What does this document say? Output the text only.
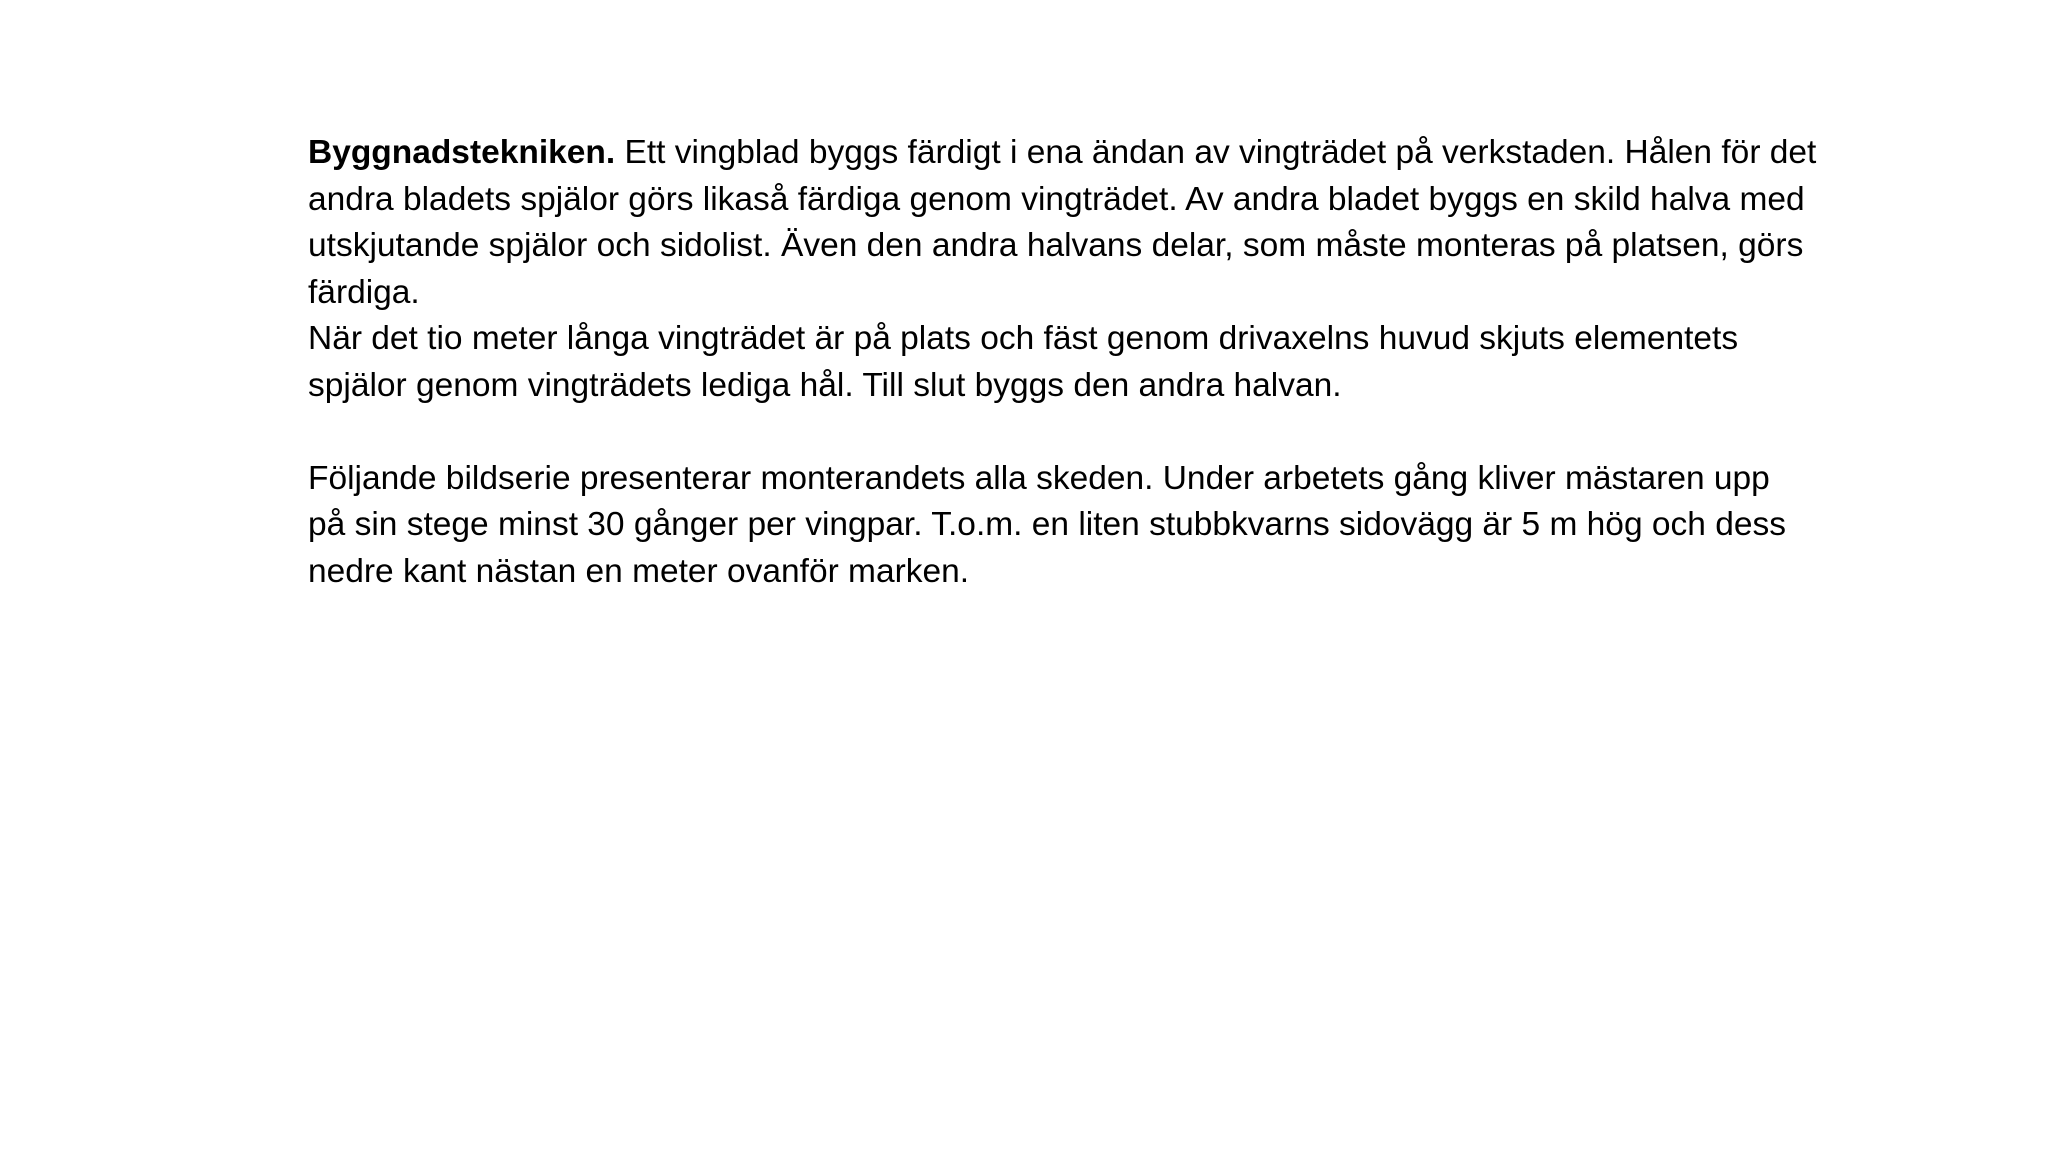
Byggnadstekniken. Ett vingblad byggs färdigt i ena ändan av vingträdet på verkstaden. Hålen för det
andra bladets spjälor görs likaså färdiga genom vingträdet. Av andra bladet byggs en skild halva med
utskjutande spjälor och sidolist. Även den andra halvans delar, som måste monteras på platsen, görs
färdiga.
När det tio meter långa vingträdet är på plats och fäst genom drivaxelns huvud skjuts elementets
spjälor genom vingträdets lediga hål. Till slut byggs den andra halvan.
Följande bildserie presenterar monterandets alla skeden. Under arbetets gång kliver mästaren upp
på sin stege minst 30 gånger per vingpar. T.o.m. en liten stubbkvarns sidovägg är 5 m hög och dess
nedre kant nästan en meter ovanför marken.
